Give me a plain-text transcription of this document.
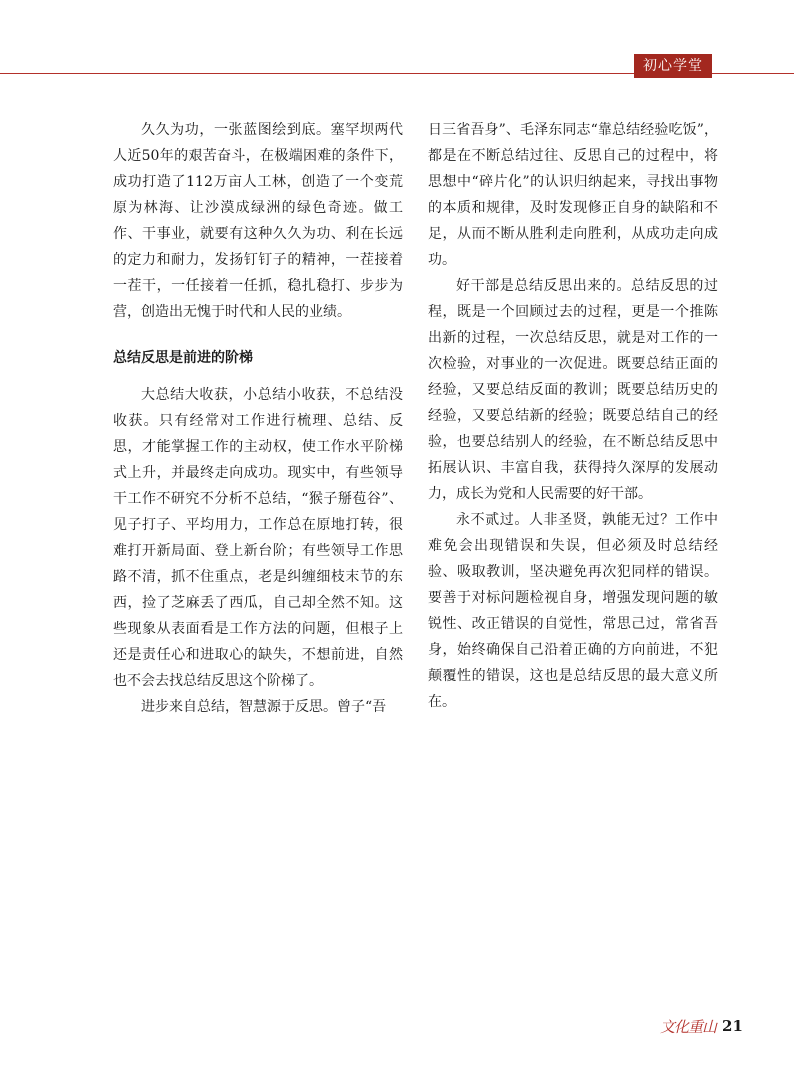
初心学堂

久久为功，一张蓝图绘到底。塞罕坝两代人近50年的艰苦奋斗，在极端困难的条件下，成功打造了112万亩人工林，创造了一个变荒原为林海、让沙漠成绿洲的绿色奇迹。做工作、干事业，就要有这种久久为功、利在长远的定力和耐力，发扬钉钉子的精神，一茬接着一茬干，一任接着一任抓，稳扎稳打、步步为营，创造出无愧于时代和人民的业绩。

总结反思是前进的阶梯

大总结大收获，小总结小收获，不总结没收获。只有经常对工作进行梳理、总结、反思，才能掌握工作的主动权，使工作水平阶梯式上升，并最终走向成功。现实中，有些领导干工作不研究不分析不总结，“猴子掰苞谷”、见子打子、平均用力，工作总在原地打转，很难打开新局面、登上新台阶；有些领导工作思路不清，抓不住重点，老是纠缠细枝末节的东西，捡了芝麻丢了西瓜，自己却全然不知。这些现象从表面看是工作方法的问题，但根子上还是责任心和进取心的缺失，不想前进，自然也不会去找总结反思这个阶梯了。

进步来自总结，智慧源于反思。曾子“吾

日三省吾身”、毛泽东同志“靠总结经验吃饭”，都是在不断总结过往、反思自己的过程中，将思想中“碎片化”的认识归纳起来，寻找出事物的本质和规律，及时发现修正自身的缺陷和不足，从而不断从胜利走向胜利，从成功走向成功。

好干部是总结反思出来的。总结反思的过程，既是一个回顾过去的过程，更是一个推陈出新的过程，一次总结反思，就是对工作的一次检验，对事业的一次促进。既要总结正面的经验，又要总结反面的教训；既要总结历史的经验，又要总结新的经验；既要总结自己的经验，也要总结别人的经验，在不断总结反思中拓展认识、丰富自我，获得持久深厚的发展动力，成长为党和人民需要的好干部。

永不贰过。人非圣贤，孰能无过？工作中难免会出现错误和失误，但必须及时总结经验、吸取教训，坚决避免再次犯同样的错误。要善于对标问题检视自身，增强发现问题的敏锐性、改正错误的自觉性，常思己过，常省吾身，始终确保自己沿着正确的方向前进，不犯颠覆性的错误，这也是总结反思的最大意义所在。

文化重山 21
